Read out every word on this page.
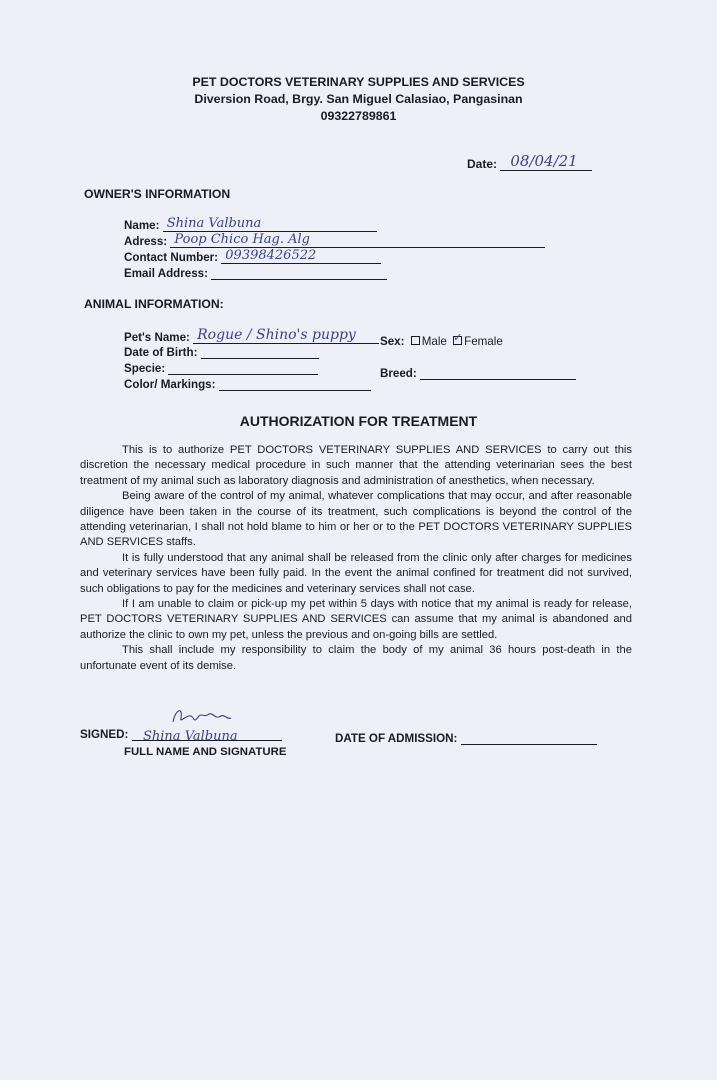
PET DOCTORS VETERINARY SUPPLIES AND SERVICES
Diversion Road, Brgy. San Miguel Calasiao, Pangasinan
09322789861
Date: 08/04/21
OWNER'S INFORMATION
Name: Shina Valbuna
Adress: Poop Chico Hag. Alg
Contact Number: 09398426522
Email Address:
ANIMAL INFORMATION:
Pet's Name: Rogue / Shino's puppy Sex: Male ✓ Female
Date of Birth:
Specie:	Breed:
Color/ Markings:
AUTHORIZATION FOR TREATMENT

This is to authorize PET DOCTORS VETERINARY SUPPLIES AND SERVICES to carry out this discretion the necessary medical procedure in such manner that the attending veterinarian sees the best treatment of my animal such as laboratory diagnosis and administration of anesthetics, when necessary.

Being aware of the control of my animal, whatever complications that may occur, and after reasonable diligence have been taken in the course of its treatment, such complications is beyond the control of the attending veterinarian, I shall not hold blame to him or her or to the PET DOCTORS VETERINARY SUPPLIES AND SERVICES staffs.

It is fully understood that any animal shall be released from the clinic only after charges for medicines and veterinary services have been fully paid. In the event the animal confined for treatment did not survived, such obligations to pay for the medicines and veterinary services shall not case.

If I am unable to claim or pick-up my pet within 5 days with notice that my animal is ready for release, PET DOCTORS VETERINARY SUPPLIES AND SERVICES can assume that my animal is abandoned and authorize the clinic to own my pet, unless the previous and on-going bills are settled.

This shall include my responsibility to claim the body of my animal 36 hours post-death in the unfortunate event of its demise.

Shina Valbuna
SIGNED:
FULL NAME AND SIGNATURE
DATE OF ADMISSION:
